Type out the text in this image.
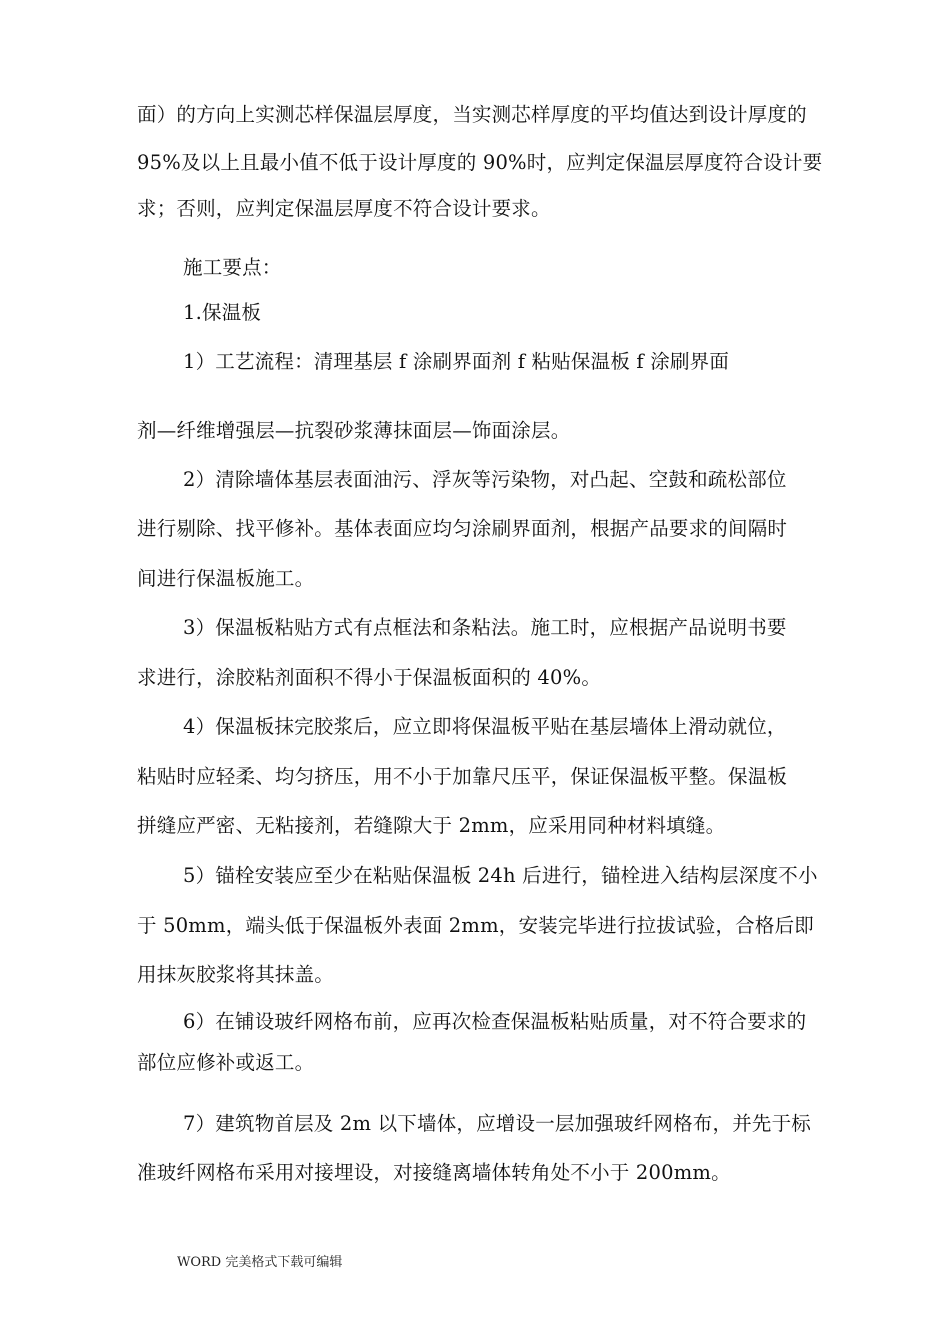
面）的方向上实测芯样保温层厚度，当实测芯样厚度的平均值达到设计厚度的
95%及以上且最小值不低于设计厚度的 90%时，应判定保温层厚度符合设计要
求；否则，应判定保温层厚度不符合设计要求。
施工要点：
1.保温板
1）工艺流程：清理基层 f 涂刷界面剂 f 粘贴保温板 f 涂刷界面
剂—纤维增强层—抗裂砂浆薄抹面层—饰面涂层。
2）清除墙体基层表面油污、浮灰等污染物，对凸起、空鼓和疏松部位
进行剔除、找平修补。基体表面应均匀涂刷界面剂，根据产品要求的间隔时
间进行保温板施工。
3）保温板粘贴方式有点框法和条粘法。施工时，应根据产品说明书要
求进行，涂胶粘剂面积不得小于保温板面积的 40%。
4）保温板抹完胶浆后，应立即将保温板平贴在基层墙体上滑动就位，
粘贴时应轻柔、均匀挤压，用不小于加靠尺压平，保证保温板平整。保温板
拼缝应严密、无粘接剂，若缝隙大于 2mm，应采用同种材料填缝。
5）锚栓安装应至少在粘贴保温板 24h 后进行，锚栓进入结构层深度不小
于 50mm，端头低于保温板外表面 2mm，安装完毕进行拉拔试验，合格后即
用抹灰胶浆将其抹盖。
6）在铺设玻纤网格布前，应再次检查保温板粘贴质量，对不符合要求的
部位应修补或返工。
7）建筑物首层及 2m 以下墙体，应增设一层加强玻纤网格布，并先于标
准玻纤网格布采用对接埋设，对接缝离墙体转角处不小于 200mm。
WORD 完美格式下载可编辑
